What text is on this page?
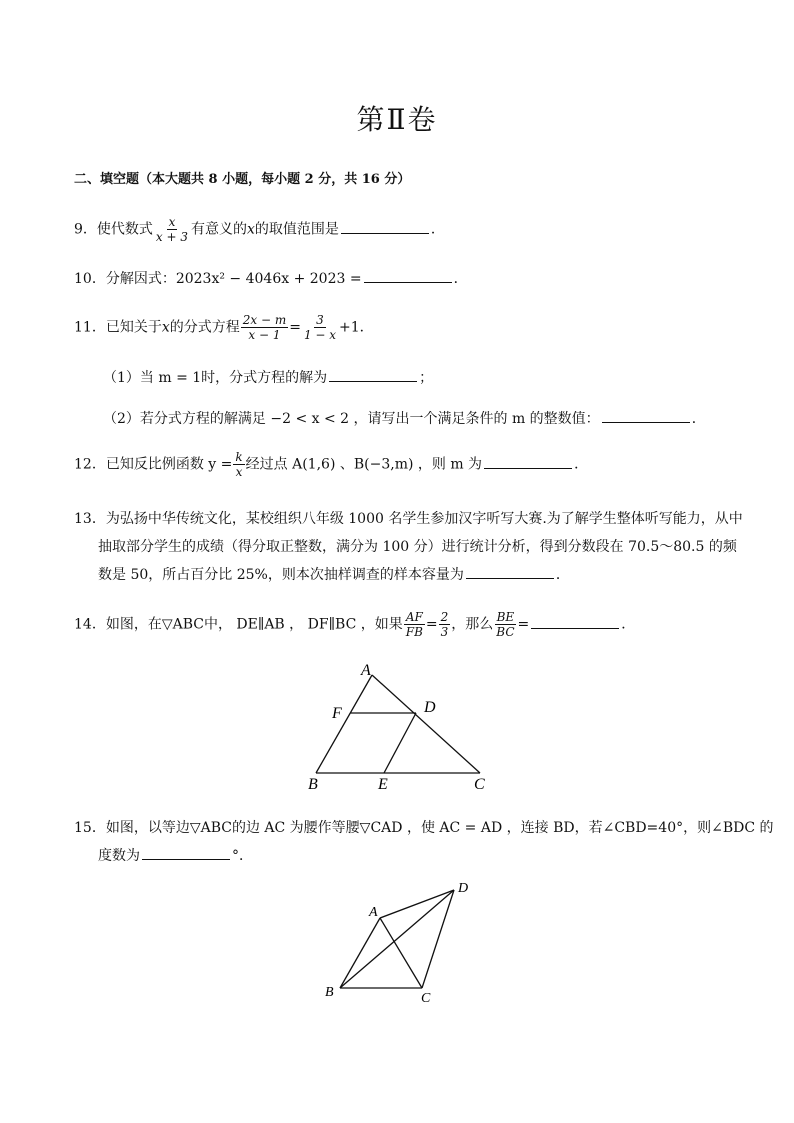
第Ⅱ卷
二、填空题（本大题共 8 小题，每小题 2 分，共 16 分）
9．使代数式 $\frac{x}{x + 3}$ 有意义的x的取值范围是	．
10．分解因式：2023x² − 4046x + 2023 =	．
11．已知关于x的分式方程 $\frac{2x - m}{x - 1} = \frac{3}{1 - x} +1$．
（1）当 m = 1时，分式方程的解为	；
（2）若分式方程的解满足 −2 < x < 2 ，请写出一个满足条件的 m 的整数值：	．
12．已知反比例函数 $y = \frac{k}{x}$ 经过点 A(1,6) 、B(−3,m) ，则 m 为	．
13．为弘扬中华传统文化，某校组织八年级 1000 名学生参加汉字听写大赛.为了解学生整体听写能力，从中
抽取部分学生的成绩（得分取正整数，满分为 100 分）进行统计分析，得到分数段在 70.5～80.5 的频
数是 50，所占百分比 25%，则本次抽样调查的样本容量为	．
14．如图，在▽ABC中， DE∥AB ， DF∥BC ，如果 $\frac{AF}{FB} = \frac{2}{3}$ ，那么 $\frac{BE}{BC}$ =	．
A
F	D
B	E	C
15．如图，以等边▽ABC的边 AC 为腰作等腰▽CAD ，使 AC = AD ，连接 BD，若∠CBD=40°，则∠BDC 的
度数为	°．
A
B	C
D
